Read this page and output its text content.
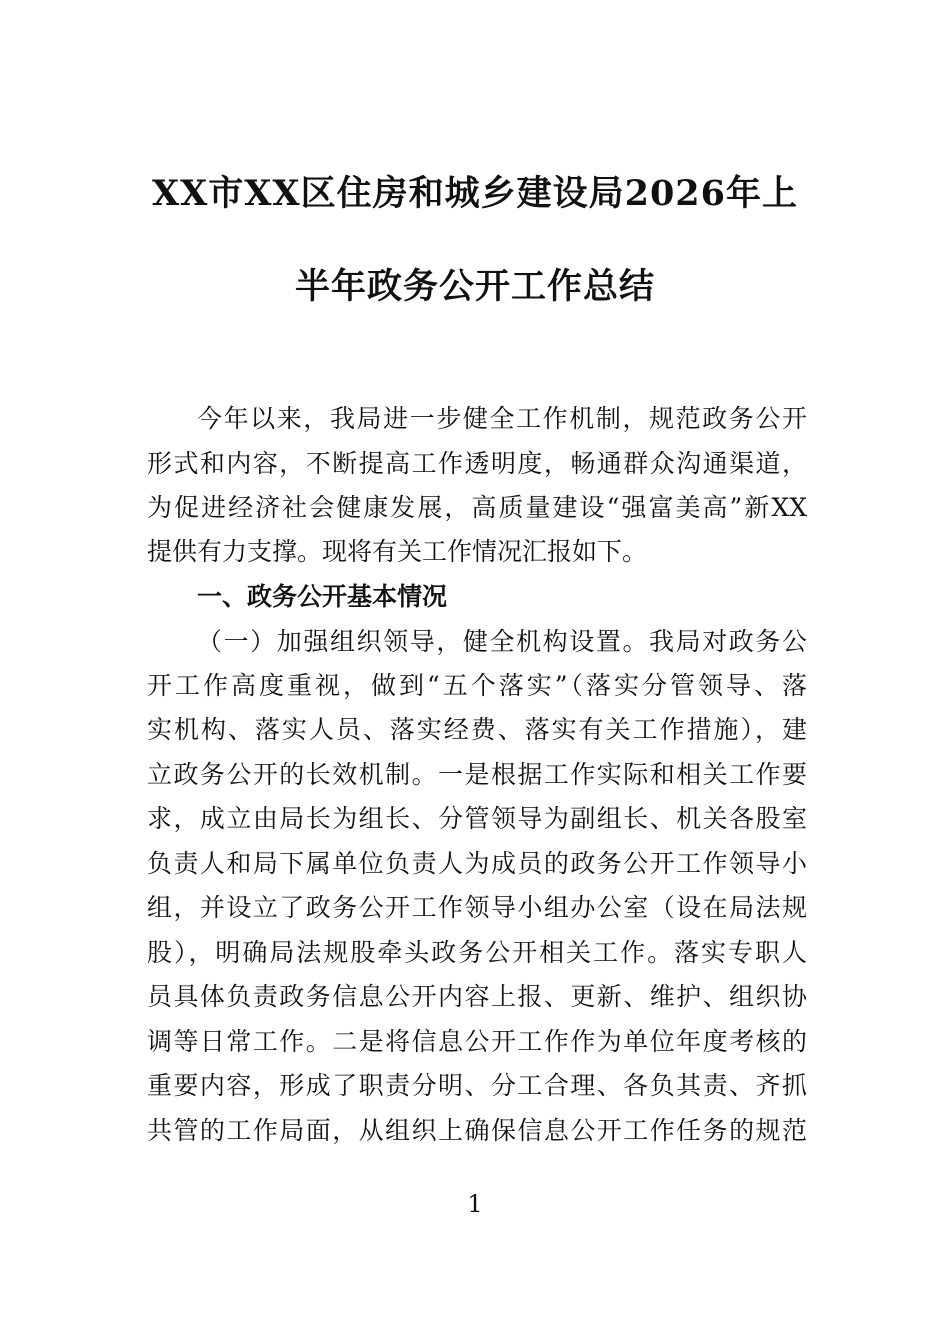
XX市XX区住房和城乡建设局2026年上
半年政务公开工作总结
今年以来，我局进一步健全工作机制，规范政务公开
形式和内容，不断提高工作透明度，畅通群众沟通渠道，
为促进经济社会健康发展，高质量建设“强富美高”新XX
提供有力支撑。现将有关工作情况汇报如下。
一、政务公开基本情况
（一）加强组织领导，健全机构设置。我局对政务公
开工作高度重视，做到“五个落实”（落实分管领导、落
实机构、落实人员、落实经费、落实有关工作措施），建
立政务公开的长效机制。一是根据工作实际和相关工作要
求，成立由局长为组长、分管领导为副组长、机关各股室
负责人和局下属单位负责人为成员的政务公开工作领导小
组，并设立了政务公开工作领导小组办公室（设在局法规
股），明确局法规股牵头政务公开相关工作。落实专职人
员具体负责政务信息公开内容上报、更新、维护、组织协
调等日常工作。二是将信息公开工作作为单位年度考核的
重要内容，形成了职责分明、分工合理、各负其责、齐抓
共管的工作局面，从组织上确保信息公开工作任务的规范
1
